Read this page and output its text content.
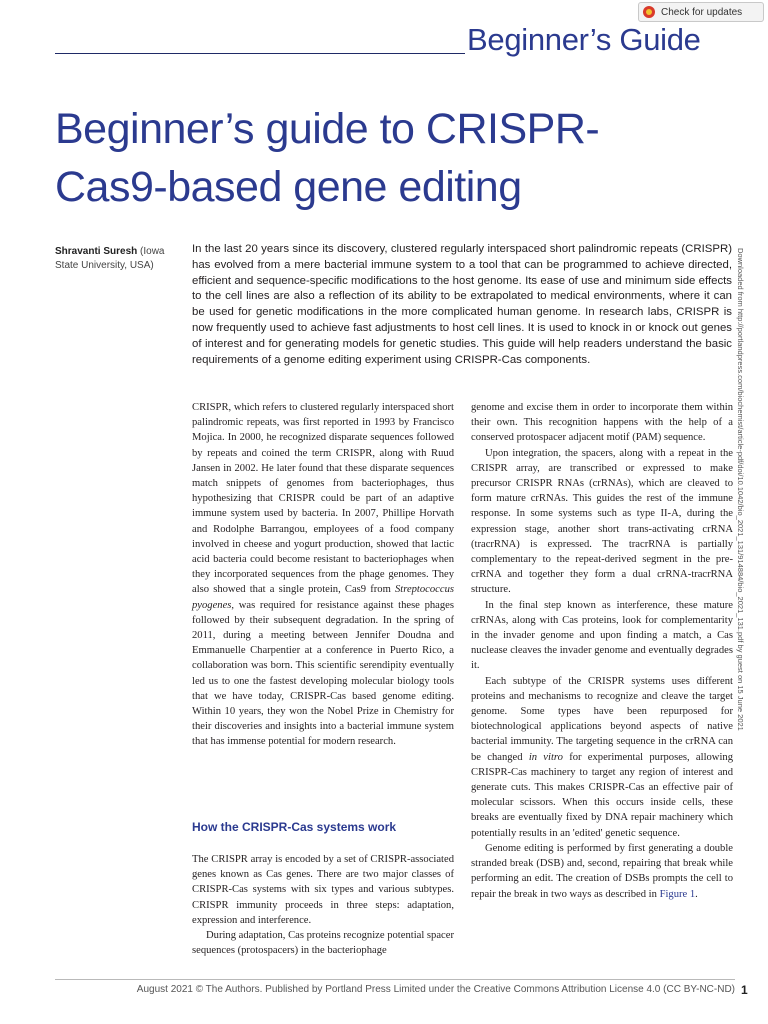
Check for updates
Beginner’s Guide
Beginner’s guide to CRISPR-Cas9-based gene editing
Shravanti Suresh (Iowa State University, USA)

In the last 20 years since its discovery, clustered regularly interspaced short palindromic repeats (CRISPR) has evolved from a mere bacterial immune system to a tool that can be programmed to achieve directed, efficient and sequence-specific modifications to the host genome. Its ease of use and minimum side effects to the cell lines are also a reflection of its ability to be extrapolated to medical environments, where it can be used for genetic modifications in the more complicated human genome. In research labs, CRISPR is now frequently used to achieve fast adjustments to host cell lines. It is used to knock in or knock out genes of interest and for generating models for genetic studies. This guide will help readers understand the basic requirements of a genome editing experiment using CRISPR-Cas components.

CRISPR, which refers to clustered regularly interspaced short palindromic repeats, was first reported in 1993 by Francisco Mojica. In 2000, he recognized disparate sequences followed by repeats and coined the term CRISPR, along with Ruud Jansen in 2002. He later found that these disparate sequences match snippets of genomes from bacteriophages, thus hypothesizing that CRISPR could be part of an adaptive immune system used by bacteria. In 2007, Phillipe Horvath and Rodolphe Barrangou, employees of a food company involved in cheese and yogurt production, showed that lactic acid bacteria could become resistant to bacteriophages when they incorporated sequences from the phage genomes. They also showed that a single protein, Cas9 from Streptococcus pyogenes, was required for resistance against these phages followed by their subsequent degradation. In the spring of 2011, during a meeting between Jennifer Doudna and Emmanuelle Charpentier at a conference in Puerto Rico, a collaboration was born. This scientific serendipity eventually led us to one the fastest developing molecular biology tools that we have today, CRISPR-Cas based genome editing. Within 10 years, they won the Nobel Prize in Chemistry for their discoveries and insights into a bacterial immune system that has immense potential for modern research.

How the CRISPR-Cas systems work

The CRISPR array is encoded by a set of CRISPR-associated genes known as Cas genes. There are two major classes of CRISPR-Cas systems with six types and various subtypes. CRISPR immunity proceeds in three steps: adaptation, expression and interference.

During adaptation, Cas proteins recognize potential spacer sequences (protospacers) in the bacteriophage

genome and excise them in order to incorporate them within their own. This recognition happens with the help of a conserved protospacer adjacent motif (PAM) sequence.

Upon integration, the spacers, along with a repeat in the CRISPR array, are transcribed or expressed to make precursor CRISPR RNAs (crRNAs), which are cleaved to form mature crRNAs. This guides the rest of the immune response. In some systems such as type II-A, during the expression stage, another short trans-activating crRNA (tracrRNA) is expressed. The tracrRNA is partially complementary to the repeat-derived segment in the pre-crRNA and together they form a dual crRNA-tracrRNA structure.

In the final step known as interference, these mature crRNAs, along with Cas proteins, look for complementarity in the invader genome and upon finding a match, a Cas nuclease cleaves the invader genome and eventually degrades it.

Each subtype of the CRISPR systems uses different proteins and mechanisms to recognize and cleave the target genome. Some types have been repurposed for biotechnological applications beyond aspects of native bacterial immunity. The targeting sequence in the crRNA can be changed in vitro for experimental purposes, allowing CRISPR-Cas machinery to target any region of interest and generate cuts. This makes CRISPR-Cas an effective pair of molecular scissors. When this occurs inside cells, these breaks are eventually fixed by DNA repair machinery which potentially results in an 'edited' genetic sequence.

Genome editing is performed by first generating a double stranded break (DSB) and, second, repairing that break while performing an edit. The creation of DSBs prompts the cell to repair the break in two ways as described in Figure 1.

Downloaded from http://portlandpress.com/biochemist/article-pdf/doi/10.1042/bio_2021_131/914884/bio_2021_131.pdf by guest on 15 June 2021
August 2021 © The Authors. Published by Portland Press Limited under the Creative Commons Attribution License 4.0 (CC BY-NC-ND) 1
